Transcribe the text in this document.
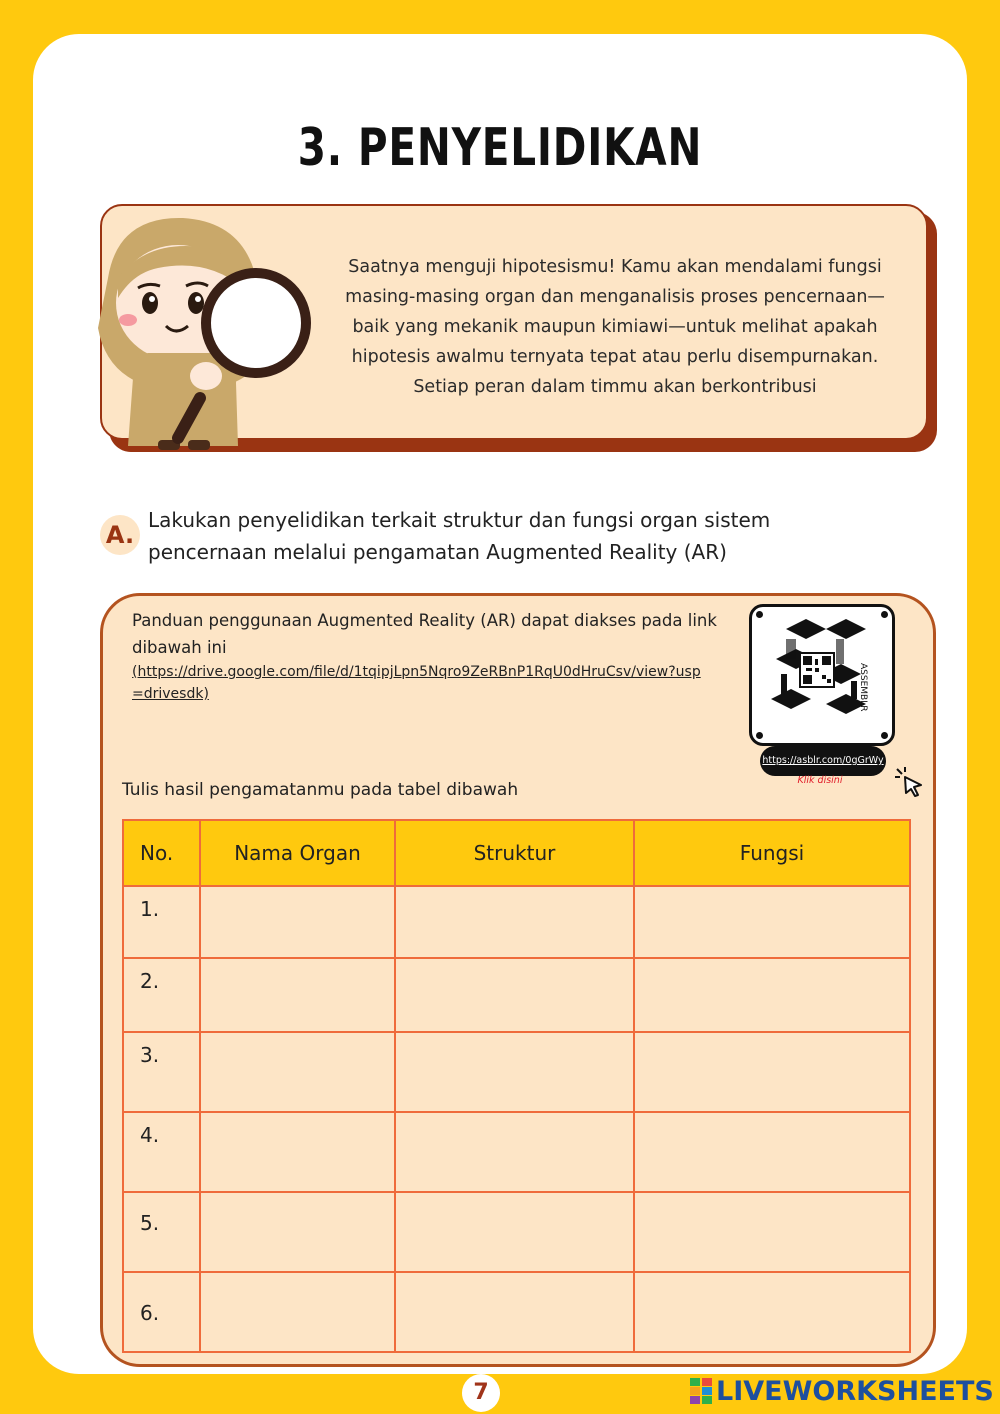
3. PENYELIDIKAN
Saatnya menguji hipotesismu! Kamu akan mendalami fungsi
masing-masing organ dan menganalisis proses pencernaan—
baik yang mekanik maupun kimiawi—untuk melihat apakah
hipotesis awalmu ternyata tepat atau perlu disempurnakan.
Setiap peran dalam timmu akan berkontribusi
A.
Lakukan penyelidikan terkait struktur dan fungsi organ sistem
pencernaan melalui pengamatan Augmented Reality (AR)
Panduan penggunaan Augmented Reality (AR) dapat diakses pada link dibawah ini
(https://drive.google.com/file/d/1tqipjLpn5Nqro9ZeRBnP1RqU0dHruCsv/view?usp=drivesdk)	ASSEMBLR
https://asblr.com/0gGrWy
Klik disini
Tulis hasil pengamatanmu pada tabel dibawah
No.	Nama Organ	Struktur	Fungsi
1.			
2.			
3.			
4.			
5.			
6.			
7	LIVEWORKSHEETS
